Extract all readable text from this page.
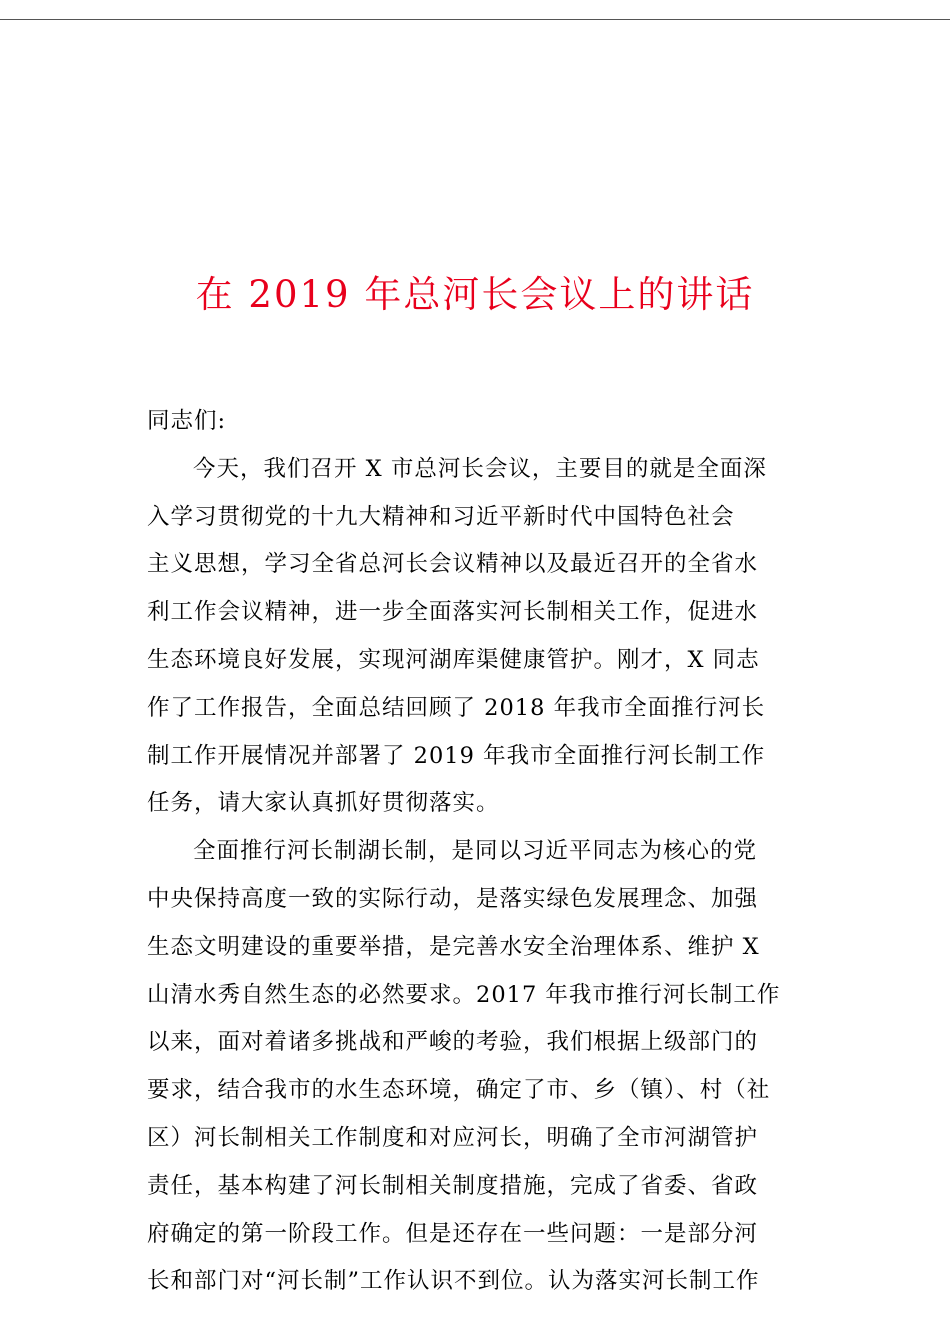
在 2019 年总河长会议上的讲话
同志们:
今天，我们召开 X 市总河长会议，主要目的就是全面深
入学习贯彻党的十九大精神和习近平新时代中国特色社会
主义思想，学习全省总河长会议精神以及最近召开的全省水
利工作会议精神，进一步全面落实河长制相关工作，促进水
生态环境良好发展，实现河湖库渠健康管护。刚才，X 同志
作了工作报告，全面总结回顾了 2018 年我市全面推行河长
制工作开展情况并部署了 2019 年我市全面推行河长制工作
任务，请大家认真抓好贯彻落实。
全面推行河长制湖长制，是同以习近平同志为核心的党
中央保持高度一致的实际行动，是落实绿色发展理念、加强
生态文明建设的重要举措，是完善水安全治理体系、维护 X
山清水秀自然生态的必然要求。2017 年我市推行河长制工作
以来，面对着诸多挑战和严峻的考验，我们根据上级部门的
要求，结合我市的水生态环境，确定了市、乡（镇）、村（社
区）河长制相关工作制度和对应河长，明确了全市河湖管护
责任，基本构建了河长制相关制度措施，完成了省委、省政
府确定的第一阶段工作。但是还存在一些问题：一是部分河
长和部门对“河长制”工作认识不到位。认为落实河长制工作
